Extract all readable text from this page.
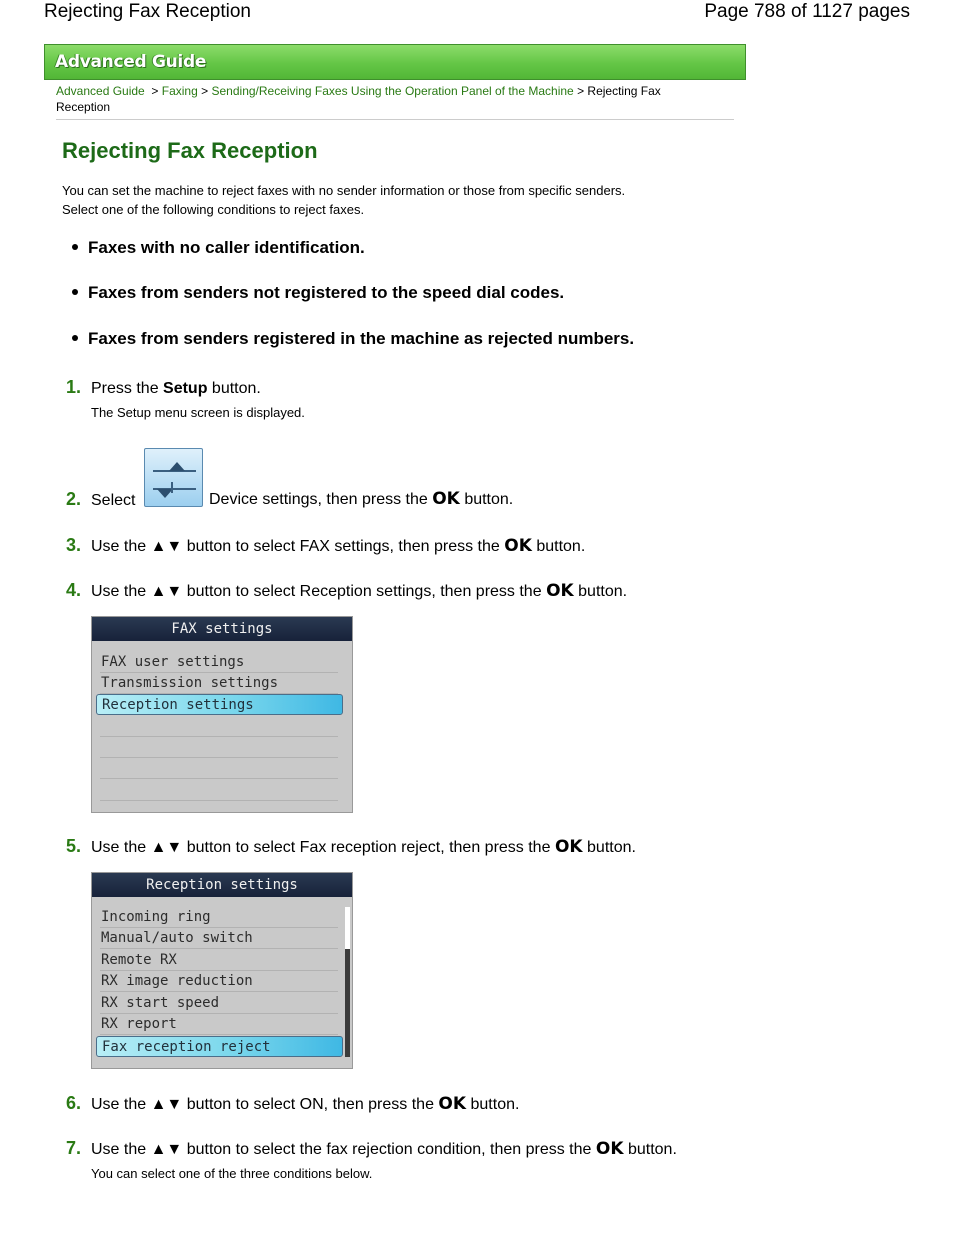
Rejecting Fax Reception	Page 788 of 1127 pages
Advanced Guide
Advanced Guide > Faxing > Sending/Receiving Faxes Using the Operation Panel of the Machine > Rejecting Fax Reception
Rejecting Fax Reception
You can set the machine to reject faxes with no sender information or those from specific senders.
Select one of the following conditions to reject faxes.
Faxes with no caller identification.
Faxes from senders not registered to the speed dial codes.
Faxes from senders registered in the machine as rejected numbers.
1. Press the Setup button.
The Setup menu screen is displayed.
2. Select	Device settings, then press the OK button.
3. Use the ▲▼ button to select FAX settings, then press the OK button.
4. Use the ▲▼ button to select Reception settings, then press the OK button.
FAX settings
FAX user settings
Transmission settings
Reception settings
5. Use the ▲▼ button to select Fax reception reject, then press the OK button.
Reception settings
Incoming ring
Manual/auto switch
Remote RX
RX image reduction
RX start speed
RX report
Fax reception reject
6. Use the ▲▼ button to select ON, then press the OK button.
7. Use the ▲▼ button to select the fax rejection condition, then press the OK button.
You can select one of the three conditions below.
